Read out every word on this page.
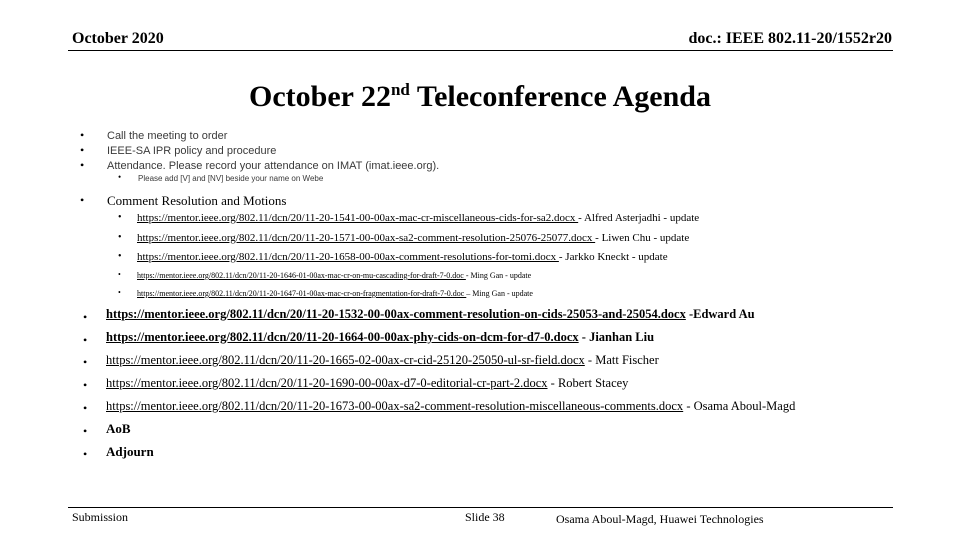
October 2020	doc.: IEEE 802.11-20/1552r20
October 22nd Teleconference Agenda
• Call the meeting to order
• IEEE-SA IPR policy and procedure
• Attendance. Please record your attendance on IMAT (imat.ieee.org).
• Please add [V] and [NV] beside your name on Webe
• Comment Resolution and Motions
• https://mentor.ieee.org/802.11/dcn/20/11-20-1541-00-00ax-mac-cr-miscellaneous-cids-for-sa2.docx - Alfred Asterjadhi - update
• https://mentor.ieee.org/802.11/dcn/20/11-20-1571-00-00ax-sa2-comment-resolution-25076-25077.docx - Liwen Chu - update
• https://mentor.ieee.org/802.11/dcn/20/11-20-1658-00-00ax-comment-resolutions-for-tomi.docx - Jarkko Kneckt - update
• https://mentor.ieee.org/802.11/dcn/20/11-20-1646-01-00ax-mac-cr-on-mu-cascading-for-draft-7-0.doc - Ming Gan - update
• https://mentor.ieee.org/802.11/dcn/20/11-20-1647-01-00ax-mac-cr-on-fragmentation-for-draft-7-0.doc – Ming Gan - update
• https://mentor.ieee.org/802.11/dcn/20/11-20-1532-00-00ax-comment-resolution-on-cids-25053-and-25054.docx -Edward Au
• https://mentor.ieee.org/802.11/dcn/20/11-20-1664-00-00ax-phy-cids-on-dcm-for-d7-0.docx - Jianhan Liu
• https://mentor.ieee.org/802.11/dcn/20/11-20-1665-02-00ax-cr-cid-25120-25050-ul-sr-field.docx - Matt Fischer
• https://mentor.ieee.org/802.11/dcn/20/11-20-1690-00-00ax-d7-0-editorial-cr-part-2.docx - Robert Stacey
• https://mentor.ieee.org/802.11/dcn/20/11-20-1673-00-00ax-sa2-comment-resolution-miscellaneous-comments.docx - Osama Aboul-Magd
• AoB
• Adjourn
Submission	Slide 38	Osama Aboul-Magd, Huawei Technologies
